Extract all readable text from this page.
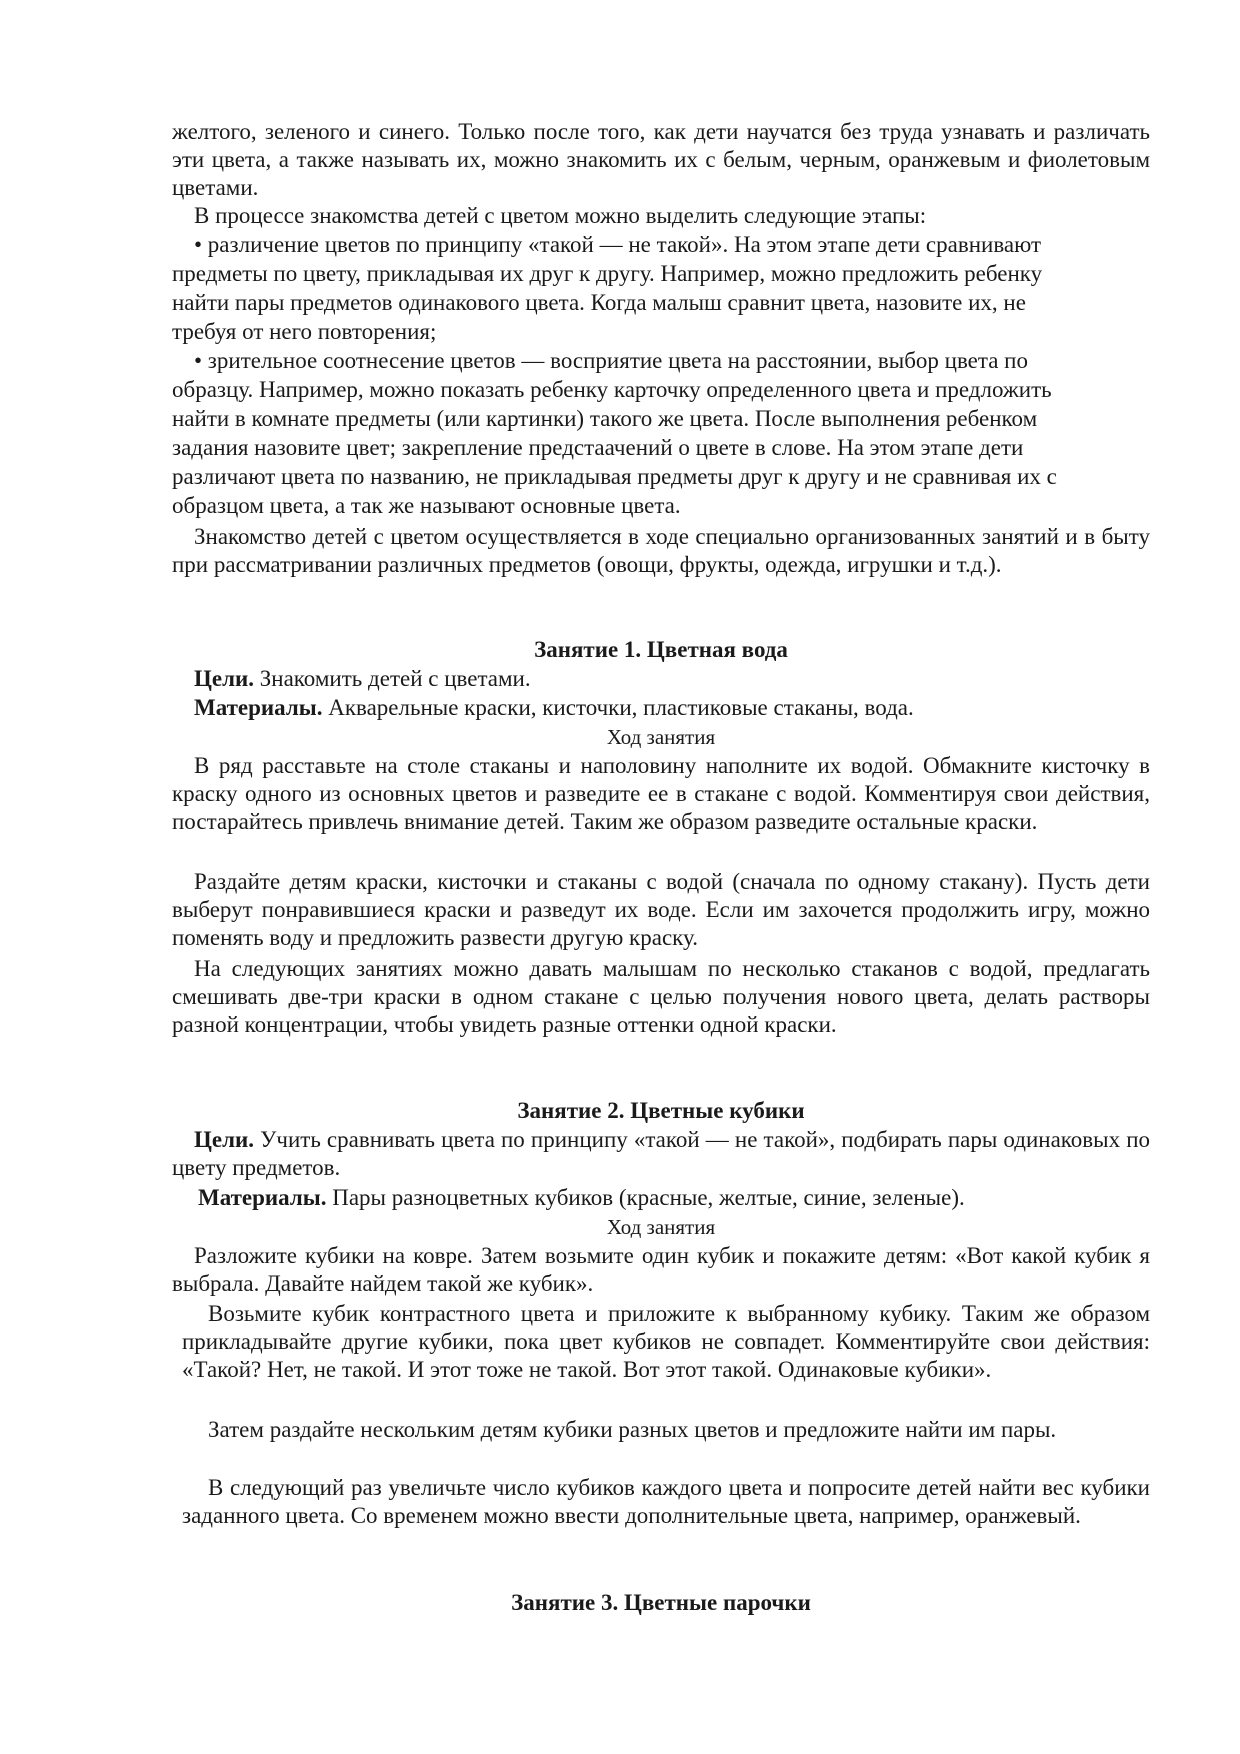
желтого, зеленого и синего. Только после того, как дети научатся без труда узнавать и различать эти цвета, а также называть их, можно знакомить их с белым, черным, оранжевым и фиолетовым цветами.
В процессе знакомства детей с цветом можно выделить следующие этапы:
• различение цветов по принципу «такой — не такой». На этом этапе дети сравнивают
предметы по цвету, прикладывая их друг к другу. Например, можно предложить ребенку
найти пары предметов одинакового цвета. Когда малыш сравнит цвета, назовите их, не
требуя от него повторения;
• зрительное соотнесение цветов — восприятие цвета на расстоянии, выбор цвета по
образцу. Например, можно показать ребенку карточку определенного цвета и предложить
найти в комнате предметы (или картинки) такого же цвета. После выполнения ребенком
задания назовите цвет; закрепление предстаачений о цвете в слове. На этом этапе дети
различают цвета по названию, не прикладывая предметы друг к другу и не сравнивая их с
образцом цвета, а так же называют основные цвета.
Знакомство детей с цветом осуществляется в ходе специально организованных занятий и в быту при рассматривании различных предметов (овощи, фрукты, одежда, игрушки и т.д.).
Занятие 1. Цветная вода
Цели. Знакомить детей с цветами.
Материалы. Акварельные краски, кисточки, пластиковые стаканы, вода.
Ход занятия
В ряд расставьте на столе стаканы и наполовину наполните их водой. Обмакните кисточку в краску одного из основных цветов и разведите ее в стакане с водой. Комментируя свои действия, постарайтесь привлечь внимание детей. Таким же образом разведите остальные краски.
Раздайте детям краски, кисточки и стаканы с водой (сначала по одному стакану). Пусть дети выберут понравившиеся краски и разведут их воде. Если им захочется продолжить игру, можно поменять воду и предложить развести другую краску.
На следующих занятиях можно давать малышам по несколько стаканов с водой, предлагать смешивать две-три краски в одном стакане с целью получения нового цвета, делать растворы разной концентрации, чтобы увидеть разные оттенки одной краски.
Занятие 2. Цветные кубики
Цели. Учить сравнивать цвета по принципу «такой — не такой», подбирать пары одинаковых по цвету предметов.
Материалы. Пары разноцветных кубиков (красные, желтые, синие, зеленые).
Ход занятия
Разложите кубики на ковре. Затем возьмите один кубик и покажите детям: «Вот какой кубик я выбрала. Давайте найдем такой же кубик».
Возьмите кубик контрастного цвета и приложите к выбранному кубику. Таким же образом прикладывайте другие кубики, пока цвет кубиков не совпадет. Комментируйте свои действия: «Такой? Нет, не такой. И этот тоже не такой. Вот этот такой. Одинаковые кубики».
Затем раздайте нескольким детям кубики разных цветов и предложите найти им пары.
В следующий раз увеличьте число кубиков каждого цвета и попросите детей найти вес кубики заданного цвета. Со временем можно ввести дополнительные цвета, например, оранжевый.
Занятие 3. Цветные парочки
